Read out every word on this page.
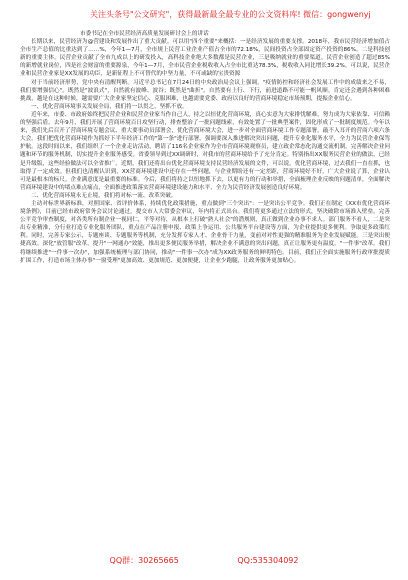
关注头条号"公文研究"，获得最新最全最专业的公文资料库! 微信：gongwenyj

市委书记在全市民营经济高质量发展研讨会上的讲话

长期以来，民营经济为@营建设和发展作出了重大贡献。可以用"四个重要"来概括：一是经济发展的重要支撑。2018年，我市民营经济增加值占全市生产总值的比重达到了……%，今年1—7月，全市规上民营工业企业产值占全市的72.18%，民间投资占全部固定资产投资的86%。二是科技创新的重要主体。民营企业贡献了全市九成以上的研发投入，高科技企业绝大多数都是民营企业，三是吸纳就业的重要渠道。民营企业创造了超过85%的新增就业岗位，四是社会财富的重要源泉，今年1—7月，全市民营企业税收收入占全市比重达78.3%，税收收入同比增长39.2%。可以说，民营企业和民营企业家是XX发展的功臣，是新征程上不可替代的中坚力量，不可或缺的宝贵资源

对于当前经济形势，党中央有清醒判断。习近平总书记在7月24日的中央政治局会议上强调，"疫情防控和经济社会发展工作中的成绩来之不易，我们要增强信心"。既然是"波浪式"，自然就有波峰、波谷；既然是"曲折"，自然要有上行、下行，前进道路不可能一帆风顺。肯定还会遇到各种困难挑战，越是在这种时候，越需要广大企业家坚定信心、克服困难，也越需要党委、政府以良好的营商环境稳定市场预期，提振企业信心。

一、优化营商环境事关发展全局，我们将一以贯之，坚抓不放。

近年来，市委、市政府始终把民营企业和民营企业家当作自己人，持之以恒优化营商环境，真心实意为大家排忧解难，努力成为大家依靠、可信赖的坚强后盾。去年9月，我们开展了营商环境百日攻坚行动，排查整治了一批问题线索，有效处置了一批典型案件，固化形成了一批制度规范。今年以来，我们先后召开了营商环境专题会议、重大要事动员部署会，优化营商环境大会，进一步对全面营商环境工作专题部署，敲不入耳开的营商六项六条大会。我们把优化营商环境作为抓好下半年经济工作的"第一条"进行部署，强调要深入推进解决突出问题，提升专业化服务水平，全力为民营企业保驾护航。这段时间以来，我们组织了一个企业走访活动，聘请了116名企业家作为全市营商环境观察员，建立政企常态化沟通交流机制，完善解决企业问题和环节的服务机制，切实提升企业服务感受。省委领导到过XX调研时，对我市的营商环境给予了充分肯定。特别指出XX服务民营企业的做法，已经是升级版，这些经验做法可以全省推广。近期，我们还将出台优化营商环境支持民营经济发展的文件，可以说，优化营商环境，过去我们一直在抓，也取得了一定成效。但我们也清醒认识到，XX营商环境建设中还存在一些问题，与企业期盼还有一定差距，营商环境好不好，广大企业说了算，企业认可是最根本的标尺。企业满意度是最重要的标准。今后，我们将持之以恒地抓下去，以更有力的行动和举措，全面梳理企业反映的问题清单，全面解决营商环境建设中的堵点难点痛点，全面推进政策落实营商环境建设能力和水平，全力为民营经济发展创造良好环境。

二、优化营商环境永无止境，我们将对标一流、改革突破。

主动对标世界新标准，对照国家、省评价体系，持续优化政策措施，重点做到"三个突出"：一是突出公平竞争。我们正在制定《XX市优化营商环境条例》，目前已经市政府常务会议讨论通过，提交市人大常委会审议，年内将正式出台。我们将更多通过立法的形式，坚决破除市场准入壁垒，完善公平竞争审查制度，对各类所有制企业一视同仁，平等对待，从根本上打破"熟人社会"的潜规则，真正做到企业办事不求人。部门服务不看人，二是突出专业精准，分行业打造专业化服务团队，重点在产品注册申报、政策上争运用、公共服务平台建设等方面，为企业提供更多便利。争取更多政策红利。同时，完善专家公示，专题座谈、专题服务等机制，充分发挥专家人才、企业骨干力量，变前对对性更强的精准服务为企业发展赋能。三是突出便捷高效。深化"放管服"改革，提升"一网通办"效能，推出更多便民服务举措，解决企业不满意的突出问题，真正让服务更有温度。"一件事"改革。我们将继续推进"一件事一次办"，加强系统梳理与部门协同，推动"一件事一次办"成为XX政务服务的鲜明特色。目前，我们正全面实施服务行政审批提质扩围工作，打造市场主体办事"一窗受理"更加高效、更加规范、更加便捷，让企业少跑腿，让政务服务更加贴心。

QQ群：30265665	QQ:535304092
